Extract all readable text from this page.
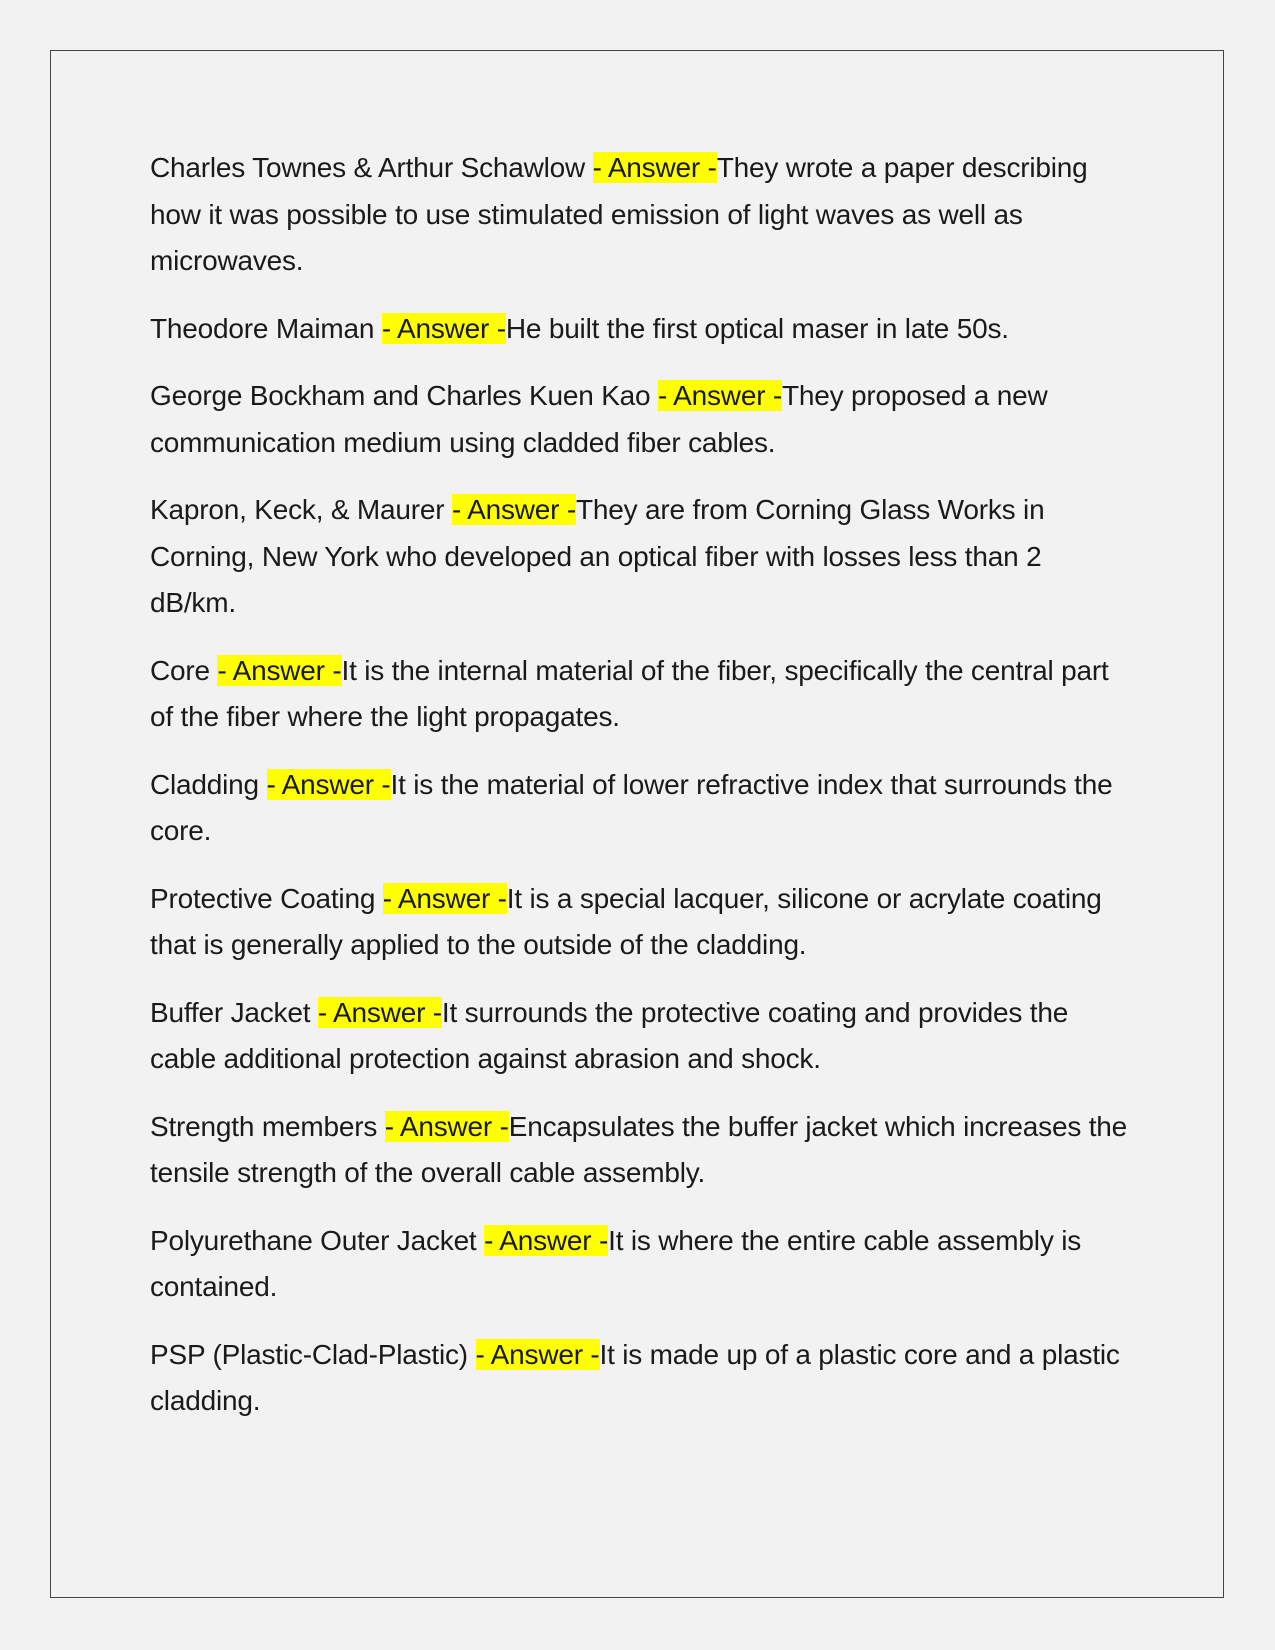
Charles Townes & Arthur Schawlow - Answer -They wrote a paper describing how it was possible to use stimulated emission of light waves as well as microwaves.

Theodore Maiman - Answer -He built the first optical maser in late 50s.

George Bockham and Charles Kuen Kao - Answer -They proposed a new communication medium using cladded fiber cables.

Kapron, Keck, & Maurer - Answer -They are from Corning Glass Works in Corning, New York who developed an optical fiber with losses less than 2 dB/km.

Core - Answer -It is the internal material of the fiber, specifically the central part of the fiber where the light propagates.

Cladding - Answer -It is the material of lower refractive index that surrounds the core.

Protective Coating - Answer -It is a special lacquer, silicone or acrylate coating that is generally applied to the outside of the cladding.

Buffer Jacket - Answer -It surrounds the protective coating and provides the cable additional protection against abrasion and shock.

Strength members - Answer -Encapsulates the buffer jacket which increases the tensile strength of the overall cable assembly.

Polyurethane Outer Jacket - Answer -It is where the entire cable assembly is contained.

PSP (Plastic-Clad-Plastic) - Answer -It is made up of a plastic core and a plastic cladding.
